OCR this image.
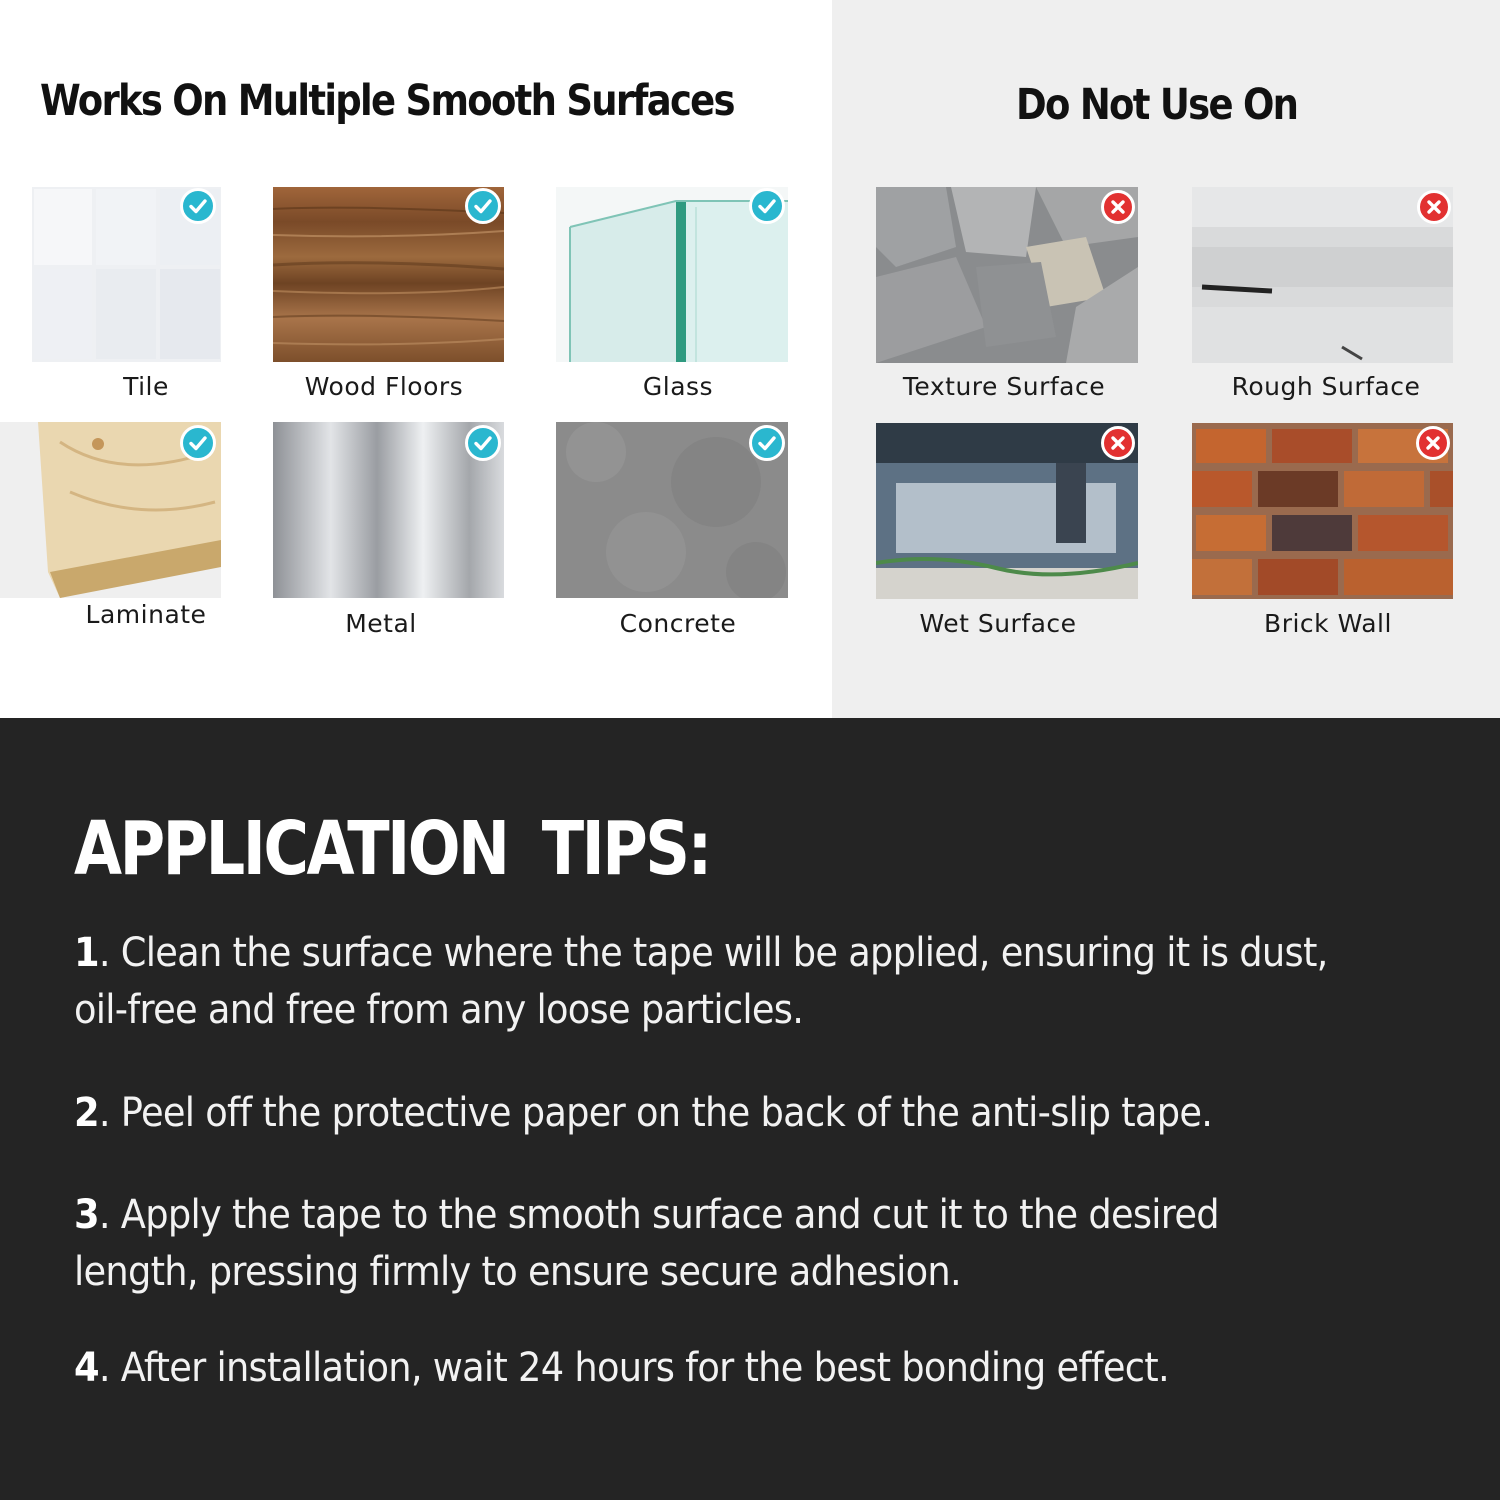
Works On Multiple Smooth Surfaces	Do Not Use On
Tile	Wood Floors	Glass
Laminate	Metal	Concrete
Texture Surface	Rough Surface
Wet Surface	Brick Wall
APPLICATION TIPS:

1. Clean the surface where the tape will be applied, ensuring it is dust, oil-free and free from any loose particles.

2. Peel off the protective paper on the back of the anti-slip tape.

3. Apply the tape to the smooth surface and cut it to the desired length, pressing firmly to ensure secure adhesion.

4. After installation, wait 24 hours for the best bonding effect.
